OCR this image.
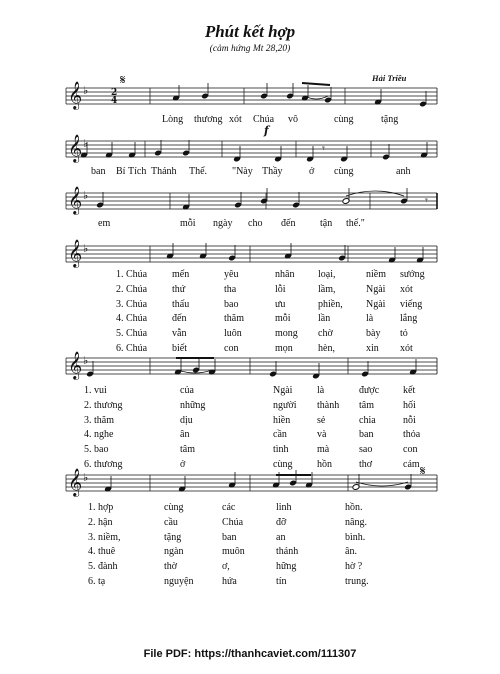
Phút kết hợp
(cảm hứng Mt 28,20)
Hải Triều
𝄞 ♭
𝄞 ♭
𝄞 ♭
𝄞 ♭
𝄞 ♭
𝄞 ♭
2
4
𝄋
𝄋
f
𝄾
𝄾
Lòng thương xót Chúa vô	cùng	tặng
ban Bí Tích Thánh Thể. "Này Thầy	ở cùng	anh
em	mỗi ngày cho đến tận thế."
1. Chúa mến	yêu	nhân loại,	niềm sướng
2. Chúa thứ	tha	lỗi	lầm,	Ngài xót
3. Chúa thấu	bao	ưu	phiền, Ngài viếng
4. Chúa đến	thăm	mỗi	lần	là	lắng
5. Chúa vẫn	luôn	mong chờ	bày tỏ
6. Chúa biết	con	mọn	hèn,	xin xót
1. vui	của	Ngài là	được kết
2. thương	những	người thành tâm	hối
3. thăm	dịu	hiền	sẻ	chia	nỗi
4. nghe	ân	cần	và	ban	thỏa
5. bao	tâm	tình	mà	sao	con
6. thương	ở	cùng hồn	thơ	cảm
1. hợp	cùng	các	linh	hồn.
2. hận	cầu	Chúa	đỡ	nâng.
3. niềm,	tặng	ban	an	bình.
4. thuê	ngàn	muôn	thánh	ân.
5. đành	thờ	ơ,	hững	hờ ?
6. tạ	nguyện	hứa	tín	trung.
File PDF: https://thanhcaviet.com/111307
